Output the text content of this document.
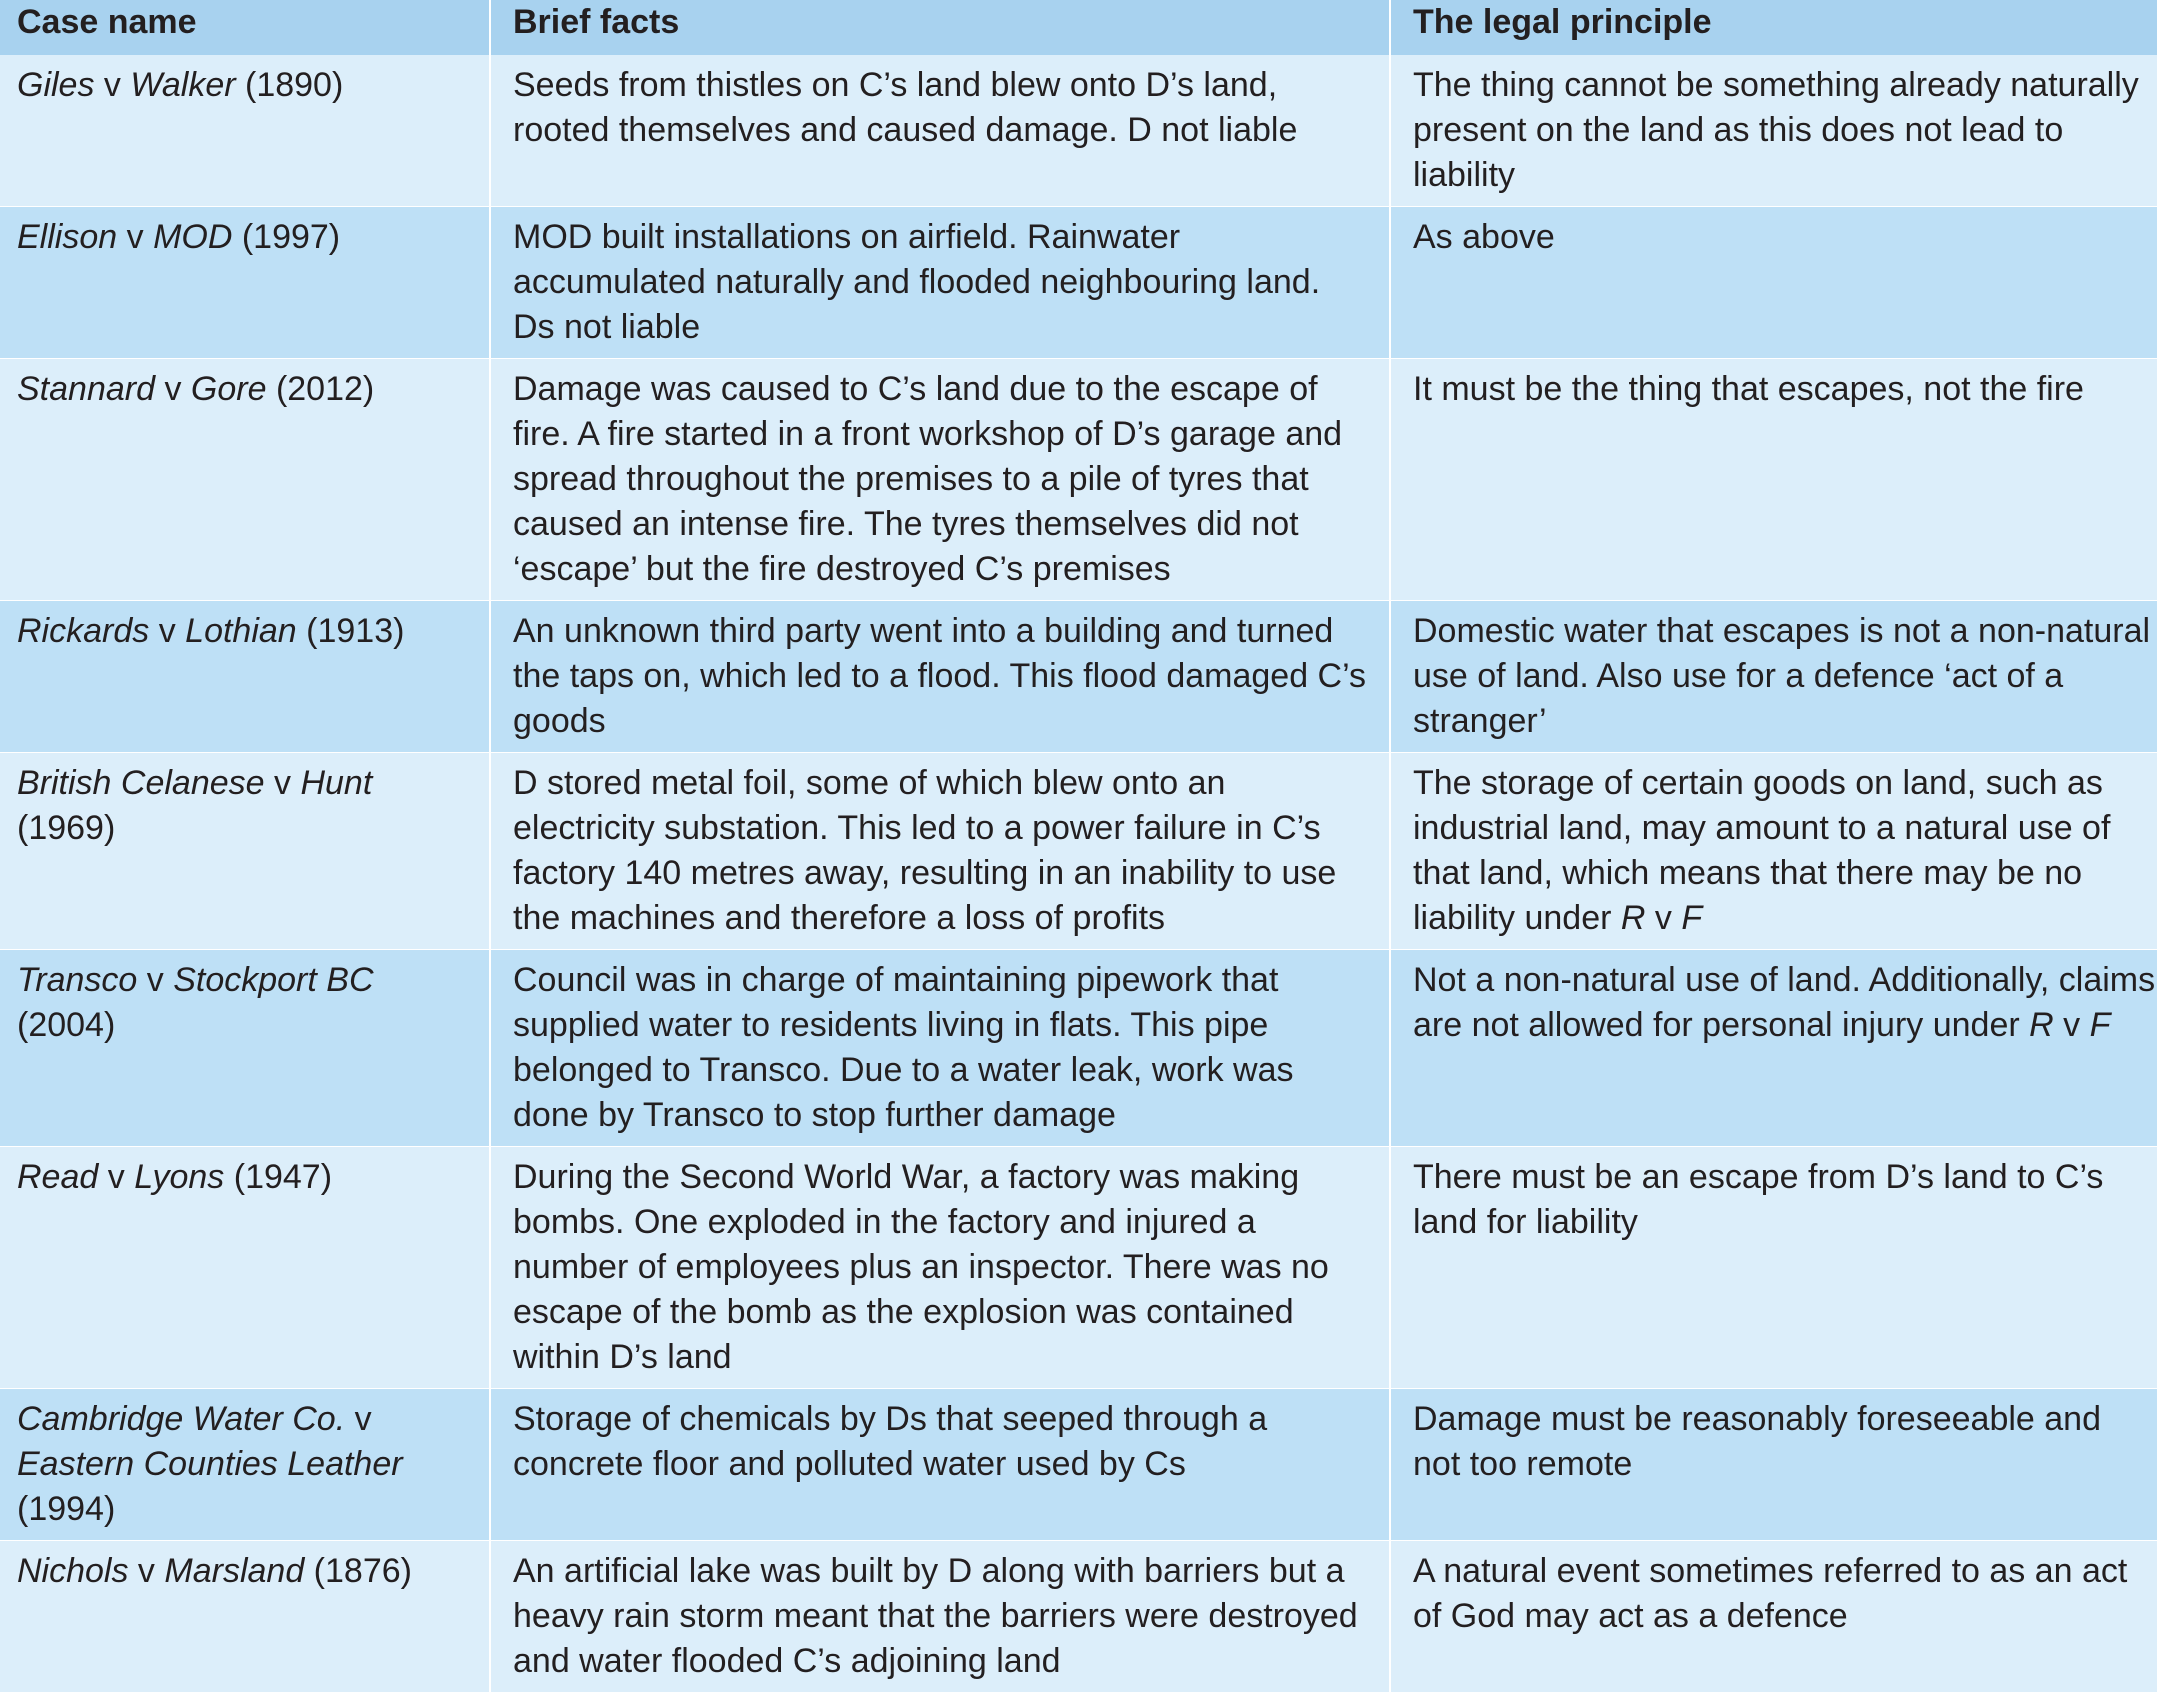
Case name	Brief facts	The legal principle
Giles v Walker (1890)	Seeds from thistles on C’s land blew onto D’s land, rooted themselves and caused damage. D not liable	The thing cannot be something already naturally present on the land as this does not lead to liability
Ellison v MOD (1997)	MOD built installations on airfield. Rainwater accumulated naturally and flooded neighbouring land. Ds not liable	As above
Stannard v Gore (2012)	Damage was caused to C’s land due to the escape of fire. A fire started in a front workshop of D’s garage and spread throughout the premises to a pile of tyres that caused an intense fire. The tyres themselves did not ‘escape’ but the fire destroyed C’s premises	It must be the thing that escapes, not the fire
Rickards v Lothian (1913)	An unknown third party went into a building and turned the taps on, which led to a flood. This flood damaged C’s goods	Domestic water that escapes is not a non-natural use of land. Also use for a defence ‘act of a stranger’
British Celanese v Hunt (1969)	D stored metal foil, some of which blew onto an electricity substation. This led to a power failure in C’s factory 140 metres away, resulting in an inability to use the machines and therefore a loss of profits	The storage of certain goods on land, such as industrial land, may amount to a natural use of that land, which means that there may be no liability under R v F
Transco v Stockport BC (2004)	Council was in charge of maintaining pipework that supplied water to residents living in flats. This pipe belonged to Transco. Due to a water leak, work was done by Transco to stop further damage	Not a non-natural use of land. Additionally, claims are not allowed for personal injury under R v F
Read v Lyons (1947)	During the Second World War, a factory was making bombs. One exploded in the factory and injured a number of employees plus an inspector. There was no escape of the bomb as the explosion was contained within D’s land	There must be an escape from D’s land to C’s land for liability
Cambridge Water Co. v Eastern Counties Leather (1994)	Storage of chemicals by Ds that seeped through a concrete floor and polluted water used by Cs	Damage must be reasonably foreseeable and not too remote
Nichols v Marsland (1876)	An artificial lake was built by D along with barriers but a heavy rain storm meant that the barriers were destroyed and water flooded C’s adjoining land	A natural event sometimes referred to as an act of God may act as a defence
